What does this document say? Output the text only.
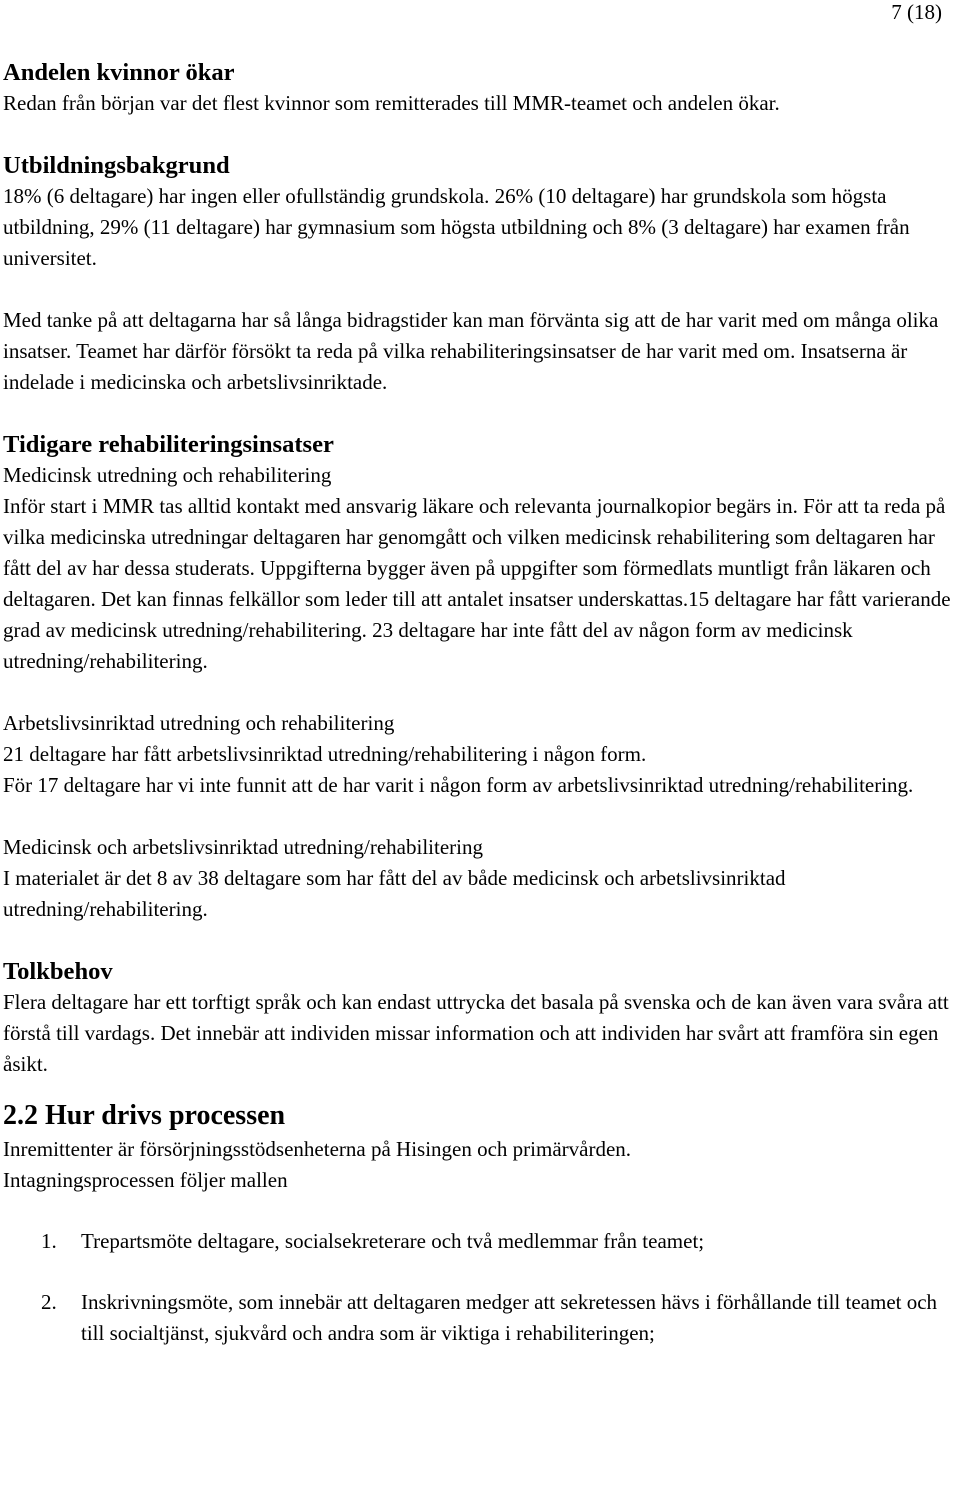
7 (18)
Andelen kvinnor ökar

Redan från början var det flest kvinnor som remitterades till MMR-teamet och andelen ökar.

Utbildningsbakgrund

18% (6 deltagare) har ingen eller ofullständig grundskola. 26% (10 deltagare) har grundskola som högsta utbildning, 29% (11 deltagare) har gymnasium som högsta utbildning och 8% (3 deltagare) har examen från universitet.

Med tanke på att deltagarna har så långa bidragstider kan man förvänta sig att de har varit med om många olika insatser. Teamet har därför försökt ta reda på vilka rehabiliteringsinsatser de har varit med om. Insatserna är indelade i medicinska och arbetslivsinriktade.

Tidigare rehabiliteringsinsatser

Medicinsk utredning och rehabilitering

Inför start i MMR tas alltid kontakt med ansvarig läkare och relevanta journalkopior begärs in. För att ta reda på vilka medicinska utredningar deltagaren har genomgått och vilken medicinsk rehabilitering som deltagaren har fått del av har dessa studerats. Uppgifterna bygger även på uppgifter som förmedlats muntligt från läkaren och deltagaren. Det kan finnas felkällor som leder till att antalet insatser underskattas.15 deltagare har fått varierande grad av medicinsk utredning/rehabilitering. 23 deltagare har inte fått del av någon form av medicinsk utredning/rehabilitering.

Arbetslivsinriktad utredning och rehabilitering

21 deltagare har fått arbetslivsinriktad utredning/rehabilitering i någon form.

För 17 deltagare har vi inte funnit att de har varit i någon form av arbetslivsinriktad utredning/rehabilitering.

Medicinsk och arbetslivsinriktad utredning/rehabilitering

I materialet är det 8 av 38 deltagare som har fått del av både medicinsk och arbetslivsinriktad utredning/rehabilitering.

Tolkbehov

Flera deltagare har ett torftigt språk och kan endast uttrycka det basala på svenska och de kan även vara svåra att förstå till vardags. Det innebär att individen missar information och att individen har svårt att framföra sin egen åsikt.

2.2 Hur drivs processen

Inremittenter är försörjningsstödsenheterna på Hisingen och primärvården.

Intagningsprocessen följer mallen

1. Trepartsmöte deltagare, socialsekreterare och två medlemmar från teamet;
2. Inskrivningsmöte, som innebär att deltagaren medger att sekretessen hävs i förhållande till teamet och till socialtjänst, sjukvård och andra som är viktiga i rehabiliteringen;
